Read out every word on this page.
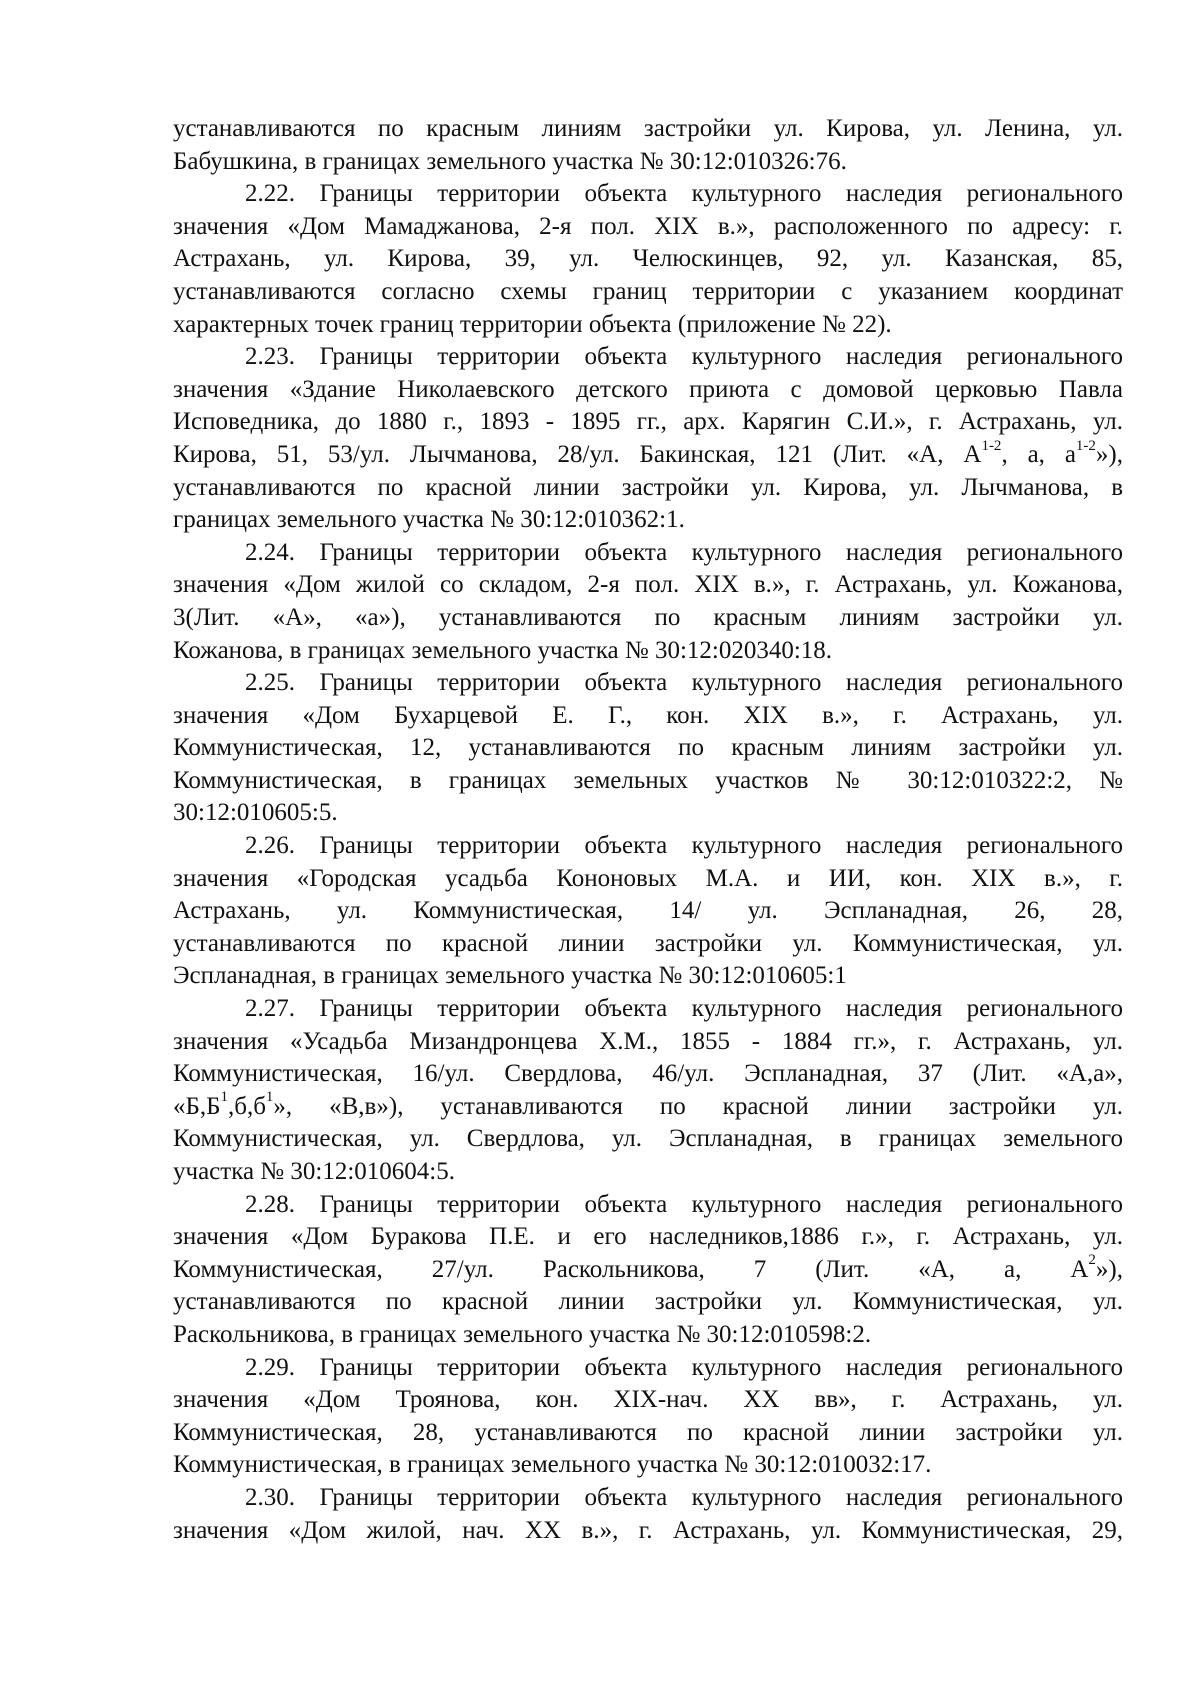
устанавливаются по красным линиям застройки ул. Кирова, ул. Ленина, ул.
Бабушкина, в границах земельного участка № 30:12:010326:76.
2.22. Границы территории объекта культурного наследия регионального
значения «Дом Мамаджанова, 2-я пол. XIX в.», расположенного по адресу: г.
Астрахань, ул. Кирова, 39, ул. Челюскинцев, 92, ул. Казанская, 85,
устанавливаются согласно схемы границ территории с указанием координат
характерных точек границ территории объекта (приложение № 22).
2.23. Границы территории объекта культурного наследия регионального
значения «Здание Николаевского детского приюта с домовой церковью Павла
Исповедника, до 1880 г., 1893 - 1895 гг., арх. Карягин С.И.», г. Астрахань, ул.
Кирова, 51, 53/ул. Лычманова, 28/ул. Бакинская, 121 (Лит. «А, $А^{1-2}$, а, $а^{1-2}$»),
устанавливаются по красной линии застройки ул. Кирова, ул. Лычманова, в
границах земельного участка № 30:12:010362:1.
2.24. Границы территории объекта культурного наследия регионального
значения «Дом жилой со складом, 2-я пол. XIX в.», г. Астрахань, ул. Кожанова,
3(Лит. «А», «а»), устанавливаются по красным линиям застройки ул.
Кожанова, в границах земельного участка № 30:12:020340:18.
2.25. Границы территории объекта культурного наследия регионального
значения «Дом Бухарцевой Е. Г., кон. XIX в.», г. Астрахань, ул.
Коммунистическая, 12, устанавливаются по красным линиям застройки ул.
Коммунистическая, в границах земельных участков № 30:12:010322:2, №
30:12:010605:5.
2.26. Границы территории объекта культурного наследия регионального
значения «Городская усадьба Кононовых М.А. и ИИ, кон. XIX в.», г.
Астрахань, ул. Коммунистическая, 14/ ул. Эспланадная, 26, 28,
устанавливаются по красной линии застройки ул. Коммунистическая, ул.
Эспланадная, в границах земельного участка № 30:12:010605:1
2.27. Границы территории объекта культурного наследия регионального
значения «Усадьба Мизандронцева Х.М., 1855 - 1884 гг.», г. Астрахань, ул.
Коммунистическая, 16/ул. Свердлова, 46/ул. Эспланадная, 37 (Лит. «А,а»,
«$Б,Б^1,б,б^1$», «В,в»), устанавливаются по красной линии застройки ул.
Коммунистическая, ул. Свердлова, ул. Эспланадная, в границах земельного
участка № 30:12:010604:5.
2.28. Границы территории объекта культурного наследия регионального
значения «Дом Буракова П.Е. и его наследников,1886 г.», г. Астрахань, ул.
Коммунистическая, 27/ул. Раскольникова, 7 (Лит. «А, а, $А^2$»),
устанавливаются по красной линии застройки ул. Коммунистическая, ул.
Раскольникова, в границах земельного участка № 30:12:010598:2.
2.29. Границы территории объекта культурного наследия регионального
значения «Дом Троянова, кон. XIX-нач. XX вв», г. Астрахань, ул.
Коммунистическая, 28, устанавливаются по красной линии застройки ул.
Коммунистическая, в границах земельного участка № 30:12:010032:17.
2.30. Границы территории объекта культурного наследия регионального
значения «Дом жилой, нач. XX в.», г. Астрахань, ул. Коммунистическая, 29,
